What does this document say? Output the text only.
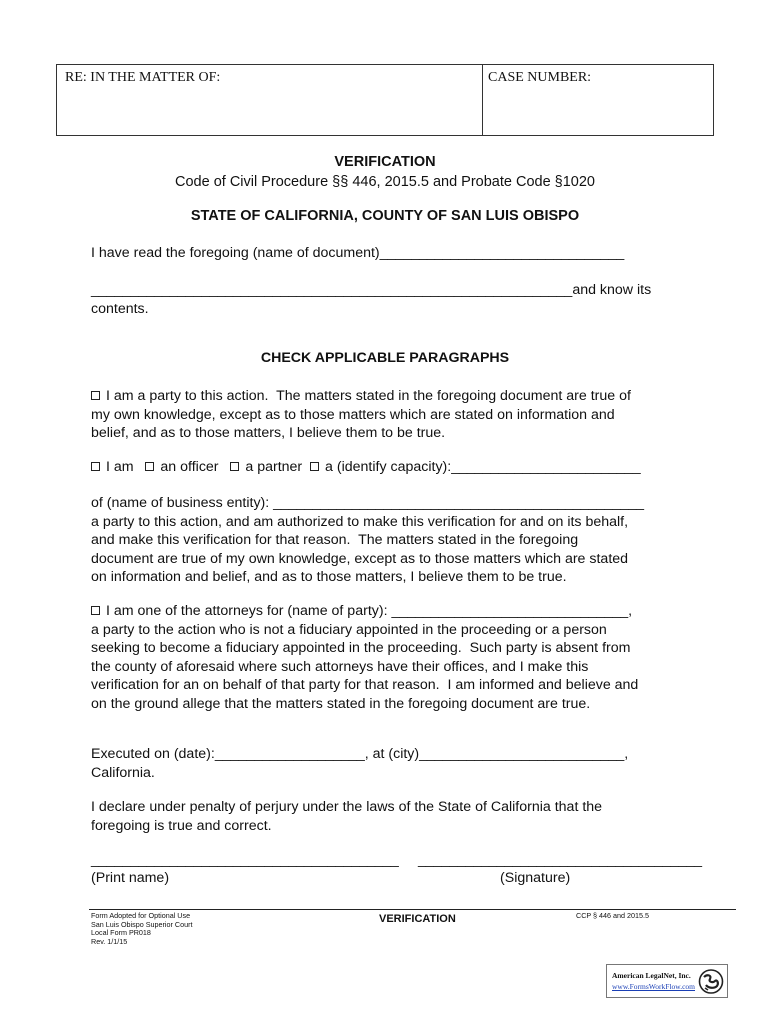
RE: IN THE MATTER OF:	CASE NUMBER:
VERIFICATION
Code of Civil Procedure §§ 446, 2015.5 and Probate Code §1020
STATE OF CALIFORNIA, COUNTY OF SAN LUIS OBISPO
I have read the foregoing (name of document)_______________________________
_____________________________________________________________and know its
contents.
CHECK APPLICABLE PARAGRAPHS
I am a party to this action.  The matters stated in the foregoing document are true of
my own knowledge, except as to those matters which are stated on information and
belief, and as to those matters, I believe them to be true.
I am an officer a partner a (identify capacity):________________________
of (name of business entity): _______________________________________________
a party to this action, and am authorized to make this verification for and on its behalf,
and make this verification for that reason.  The matters stated in the foregoing
document are true of my own knowledge, except as to those matters which are stated
on information and belief, and as to those matters, I believe them to be true.
I am one of the attorneys for (name of party): ______________________________,
a party to the action who is not a fiduciary appointed in the proceeding or a person
seeking to become a fiduciary appointed in the proceeding.  Such party is absent from
the county of aforesaid where such attorneys have their offices, and I make this
verification for an on behalf of that party for that reason.  I am informed and believe and
on the ground allege that the matters stated in the foregoing document are true.
Executed on (date):___________________, at (city)__________________________,
California.
I declare under penalty of perjury under the laws of the State of California that the
foregoing is true and correct.
_______________________________________ ____________________________________
(Print name)	(Signature)
Form Adopted for Optional Use
San Luis Obispo Superior Court
Local Form PR018
Rev. 1/1/15
VERIFICATION	CCP § 446 and 2015.5
American LegalNet, Inc.
www.FormsWorkFlow.com
